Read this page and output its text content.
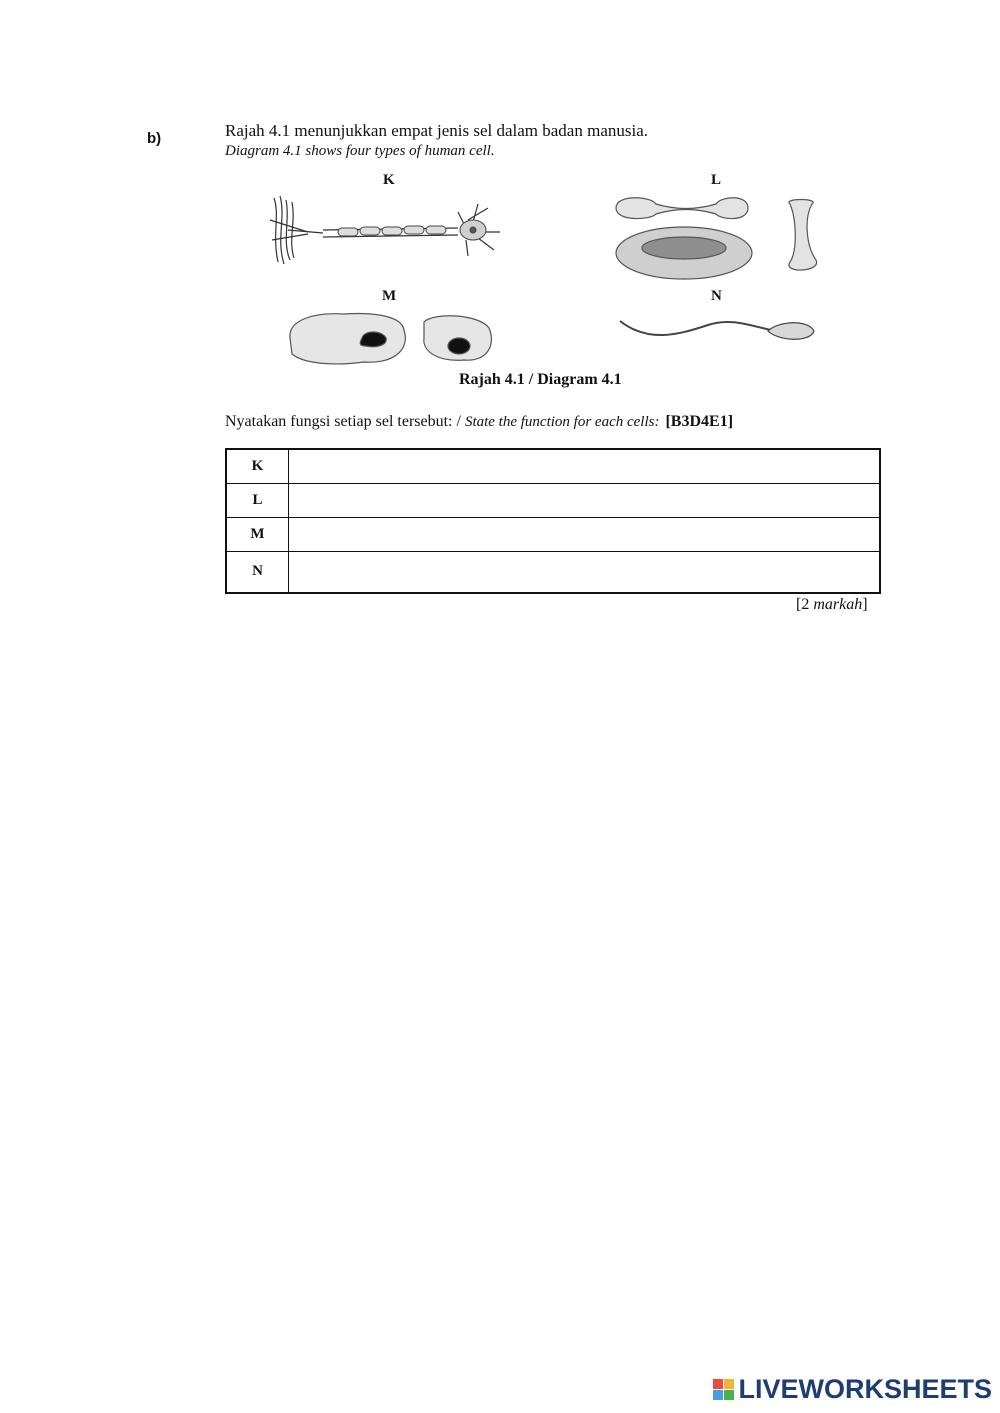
b)	Rajah 4.1 menunjukkan empat jenis sel dalam badan manusia.
Diagram 4.1 shows four types of human cell.
K	L
M	N
Rajah 4.1 / Diagram 4.1
Nyatakan fungsi setiap sel tersebut: / State the function for each cells: [B3D4E1]
K	
L	
M	
N	
[2 markah]
LIVEWORKSHEETS
